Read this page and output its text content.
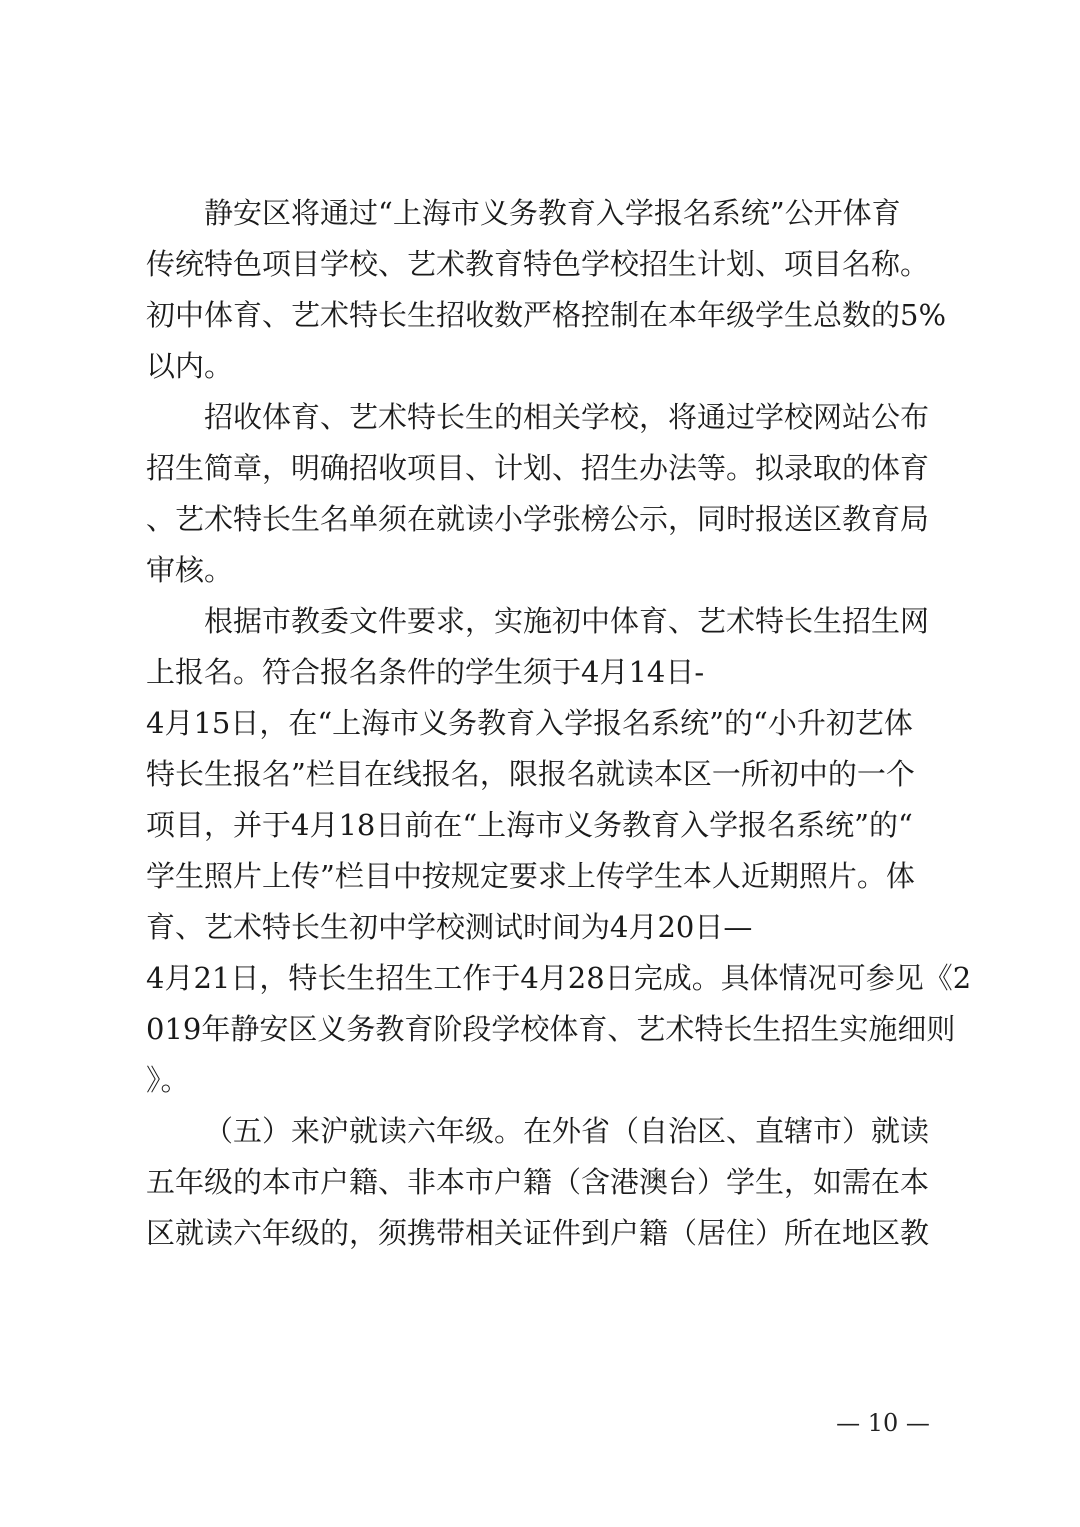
静安区将通过“上海市义务教育入学报名系统”公开体育
传统特色项目学校、艺术教育特色学校招生计划、项目名称。
初中体育、艺术特长生招收数严格控制在本年级学生总数的5%
以内。
招收体育、艺术特长生的相关学校，将通过学校网站公布
招生简章，明确招收项目、计划、招生办法等。拟录取的体育
、艺术特长生名单须在就读小学张榜公示，同时报送区教育局
审核。
根据市教委文件要求，实施初中体育、艺术特长生招生网
上报名。符合报名条件的学生须于4月14日-
4月15日，在“上海市义务教育入学报名系统”的“小升初艺体
特长生报名”栏目在线报名，限报名就读本区一所初中的一个
项目，并于4月18日前在“上海市义务教育入学报名系统”的“
学生照片上传”栏目中按规定要求上传学生本人近期照片。体
育、艺术特长生初中学校测试时间为4月20日—
4月21日，特长生招生工作于4月28日完成。具体情况可参见《2
019年静安区义务教育阶段学校体育、艺术特长生招生实施细则
》。
（五）来沪就读六年级。在外省（自治区、直辖市）就读
五年级的本市户籍、非本市户籍（含港澳台）学生，如需在本
区就读六年级的，须携带相关证件到户籍（居住）所在地区教
— 10 —
